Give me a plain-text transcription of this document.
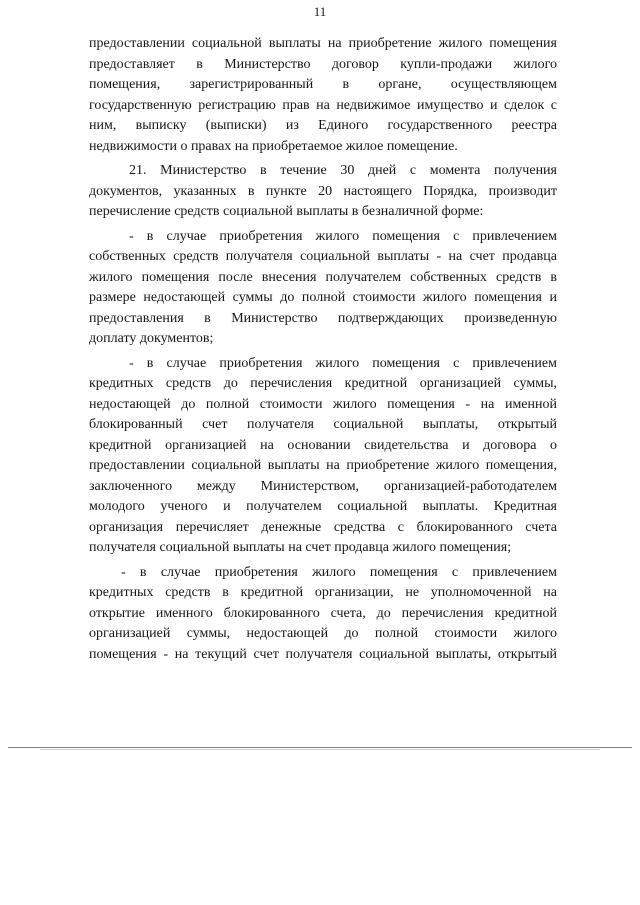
11
предоставлении социальной выплаты на приобретение жилого помещения
предоставляет в Министерство договор купли-продажи жилого
помещения, зарегистрированный в органе, осуществляющем
государственную регистрацию прав на недвижимое имущество и сделок с
ним, выписку (выписки) из Единого государственного реестра
недвижимости о правах на приобретаемое жилое помещение.
21. Министерство в течение 30 дней с момента получения
документов, указанных в пункте 20 настоящего Порядка, производит
перечисление средств социальной выплаты в безналичной форме:
- в случае приобретения жилого помещения с привлечением
собственных средств получателя социальной выплаты - на счет продавца
жилого помещения после внесения получателем собственных средств в
размере недостающей суммы до полной стоимости жилого помещения и
предоставления в Министерство подтверждающих произведенную
доплату документов;
- в случае приобретения жилого помещения с привлечением
кредитных средств до перечисления кредитной организацией суммы,
недостающей до полной стоимости жилого помещения - на именной
блокированный счет получателя социальной выплаты, открытый
кредитной организацией на основании свидетельства и договора о
предоставлении социальной выплаты на приобретение жилого помещения,
заключенного между Министерством, организацией-работодателем
молодого ученого и получателем социальной выплаты. Кредитная
организация перечисляет денежные средства с блокированного счета
получателя социальной выплаты на счет продавца жилого помещения;
- в случае приобретения жилого помещения с привлечением
кредитных средств в кредитной организации, не уполномоченной на
открытие именного блокированного счета, до перечисления кредитной
организацией суммы, недостающей до полной стоимости жилого
помещения - на текущий счет получателя социальной выплаты, открытый
